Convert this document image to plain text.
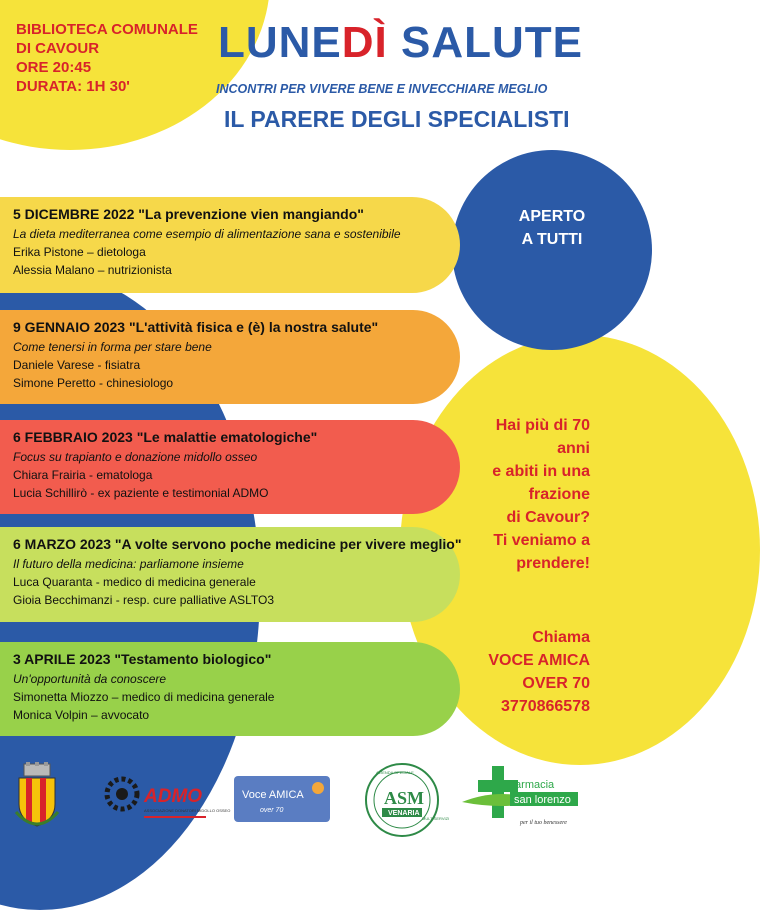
BIBLIOTECA COMUNALE
DI CAVOUR
ORE 20:45
DURATA: 1H 30'
LUNEDÌ SALUTE
INCONTRI PER VIVERE BENE E INVECCHIARE MEGLIO
IL PARERE DEGLI SPECIALISTI
APERTO
A TUTTI
5 DICEMBRE 2022 "La prevenzione vien mangiando"
La dieta mediterranea come esempio di alimentazione sana e sostenibile
Erika Pistone – dietologa
Alessia Malano – nutrizionista
9 GENNAIO 2023 "L'attività fisica e (è) la nostra salute"
Come tenersi in forma per stare bene
Daniele Varese - fisiatra
Simone Peretto - chinesiologo
6 FEBBRAIO 2023 "Le malattie ematologiche"
Focus su trapianto e donazione midollo osseo
Chiara Frairia - ematologa
Lucia Schillirò - ex paziente e testimonial ADMO
6 MARZO 2023 "A volte servono poche medicine per vivere meglio"
Il futuro della medicina: parliamone insieme
Luca Quaranta - medico di medicina generale
Gioia Becchimanzi - resp. cure palliative ASLTO3
3 APRILE 2023 "Testamento biologico"
Un'opportunità da conoscere
Simonetta Miozzo – medico di medicina generale
Monica Volpin – avvocato
Hai più di 70
anni
e abiti in una
frazione
di Cavour?
Ti veniamo a
prendere!
Chiama
VOCE AMICA
OVER 70
3770866578
ADMO
ASSOCIAZIONE DONATORI MIDOLLO OSSEO
Voce AMICA
over 70
ASM
VENARIA
AZIENDA SPECIALE
MULTISERVIZI
farmacia
san lorenzo
per il tuo benessere
